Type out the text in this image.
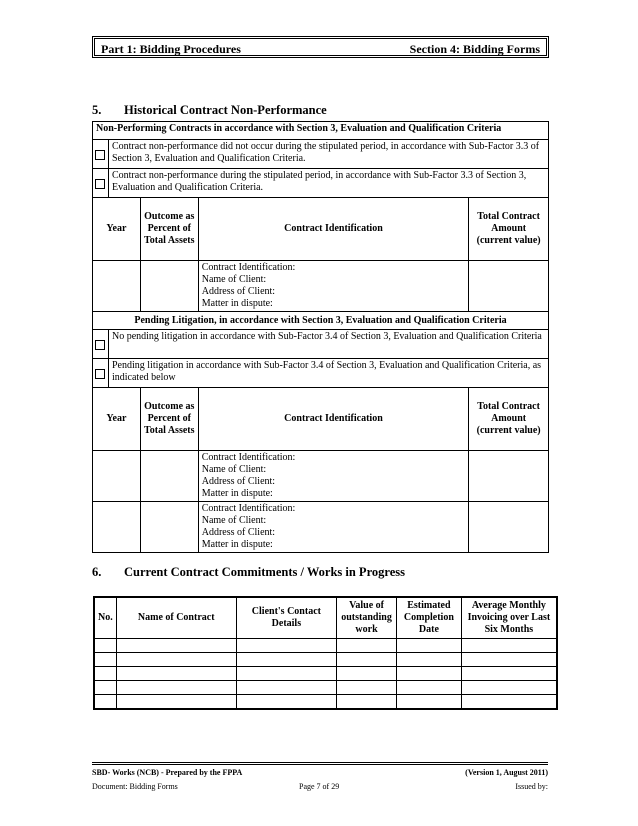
Part 1: Bidding Procedures	Section 4: Bidding Forms
5. Historical Contract Non-Performance
Non-Performing Contracts in accordance with Section 3, Evaluation and Qualification Criteria				
	Contract non-performance did not occur during the stipulated period, in accordance with Sub-Factor 3.3 of Section 3, Evaluation and Qualification Criteria.			
	Contract non-performance during the stipulated period, in accordance with Sub-Factor 3.3 of Section 3, Evaluation and Qualification Criteria.			
Year		Outcome as Percent of Total Assets	Contract Identification	Total Contract Amount (current value)

			Contract Identification:
Name of Client:
Address of Client:
Matter in dispute:	

Pending Litigation, in accordance with Section 3, Evaluation and Qualification Criteria				
	No pending litigation in accordance with Sub-Factor 3.4 of Section 3, Evaluation and Qualification Criteria			
	Pending litigation in accordance with Sub-Factor 3.4 of Section 3, Evaluation and Qualification Criteria, as indicated below			
Year		Outcome as Percent of Total Assets	Contract Identification	Total Contract Amount (current value)

			Contract Identification:
Name of Client:
Address of Client:
Matter in dispute:	

			Contract Identification:
Name of Client:
Address of Client:
Matter in dispute:	

6. Current Contract Commitments / Works in Progress
No.	Name of Contract	Client's Contact Details	Value of outstanding work	Estimated Completion Date	Average Monthly Invoicing over Last Six Months

SBD- Works (NCB) - Prepared by the FPPA	(Version 1, August 2011)
Document: Bidding Forms	Page 7 of 29	Issued by:
